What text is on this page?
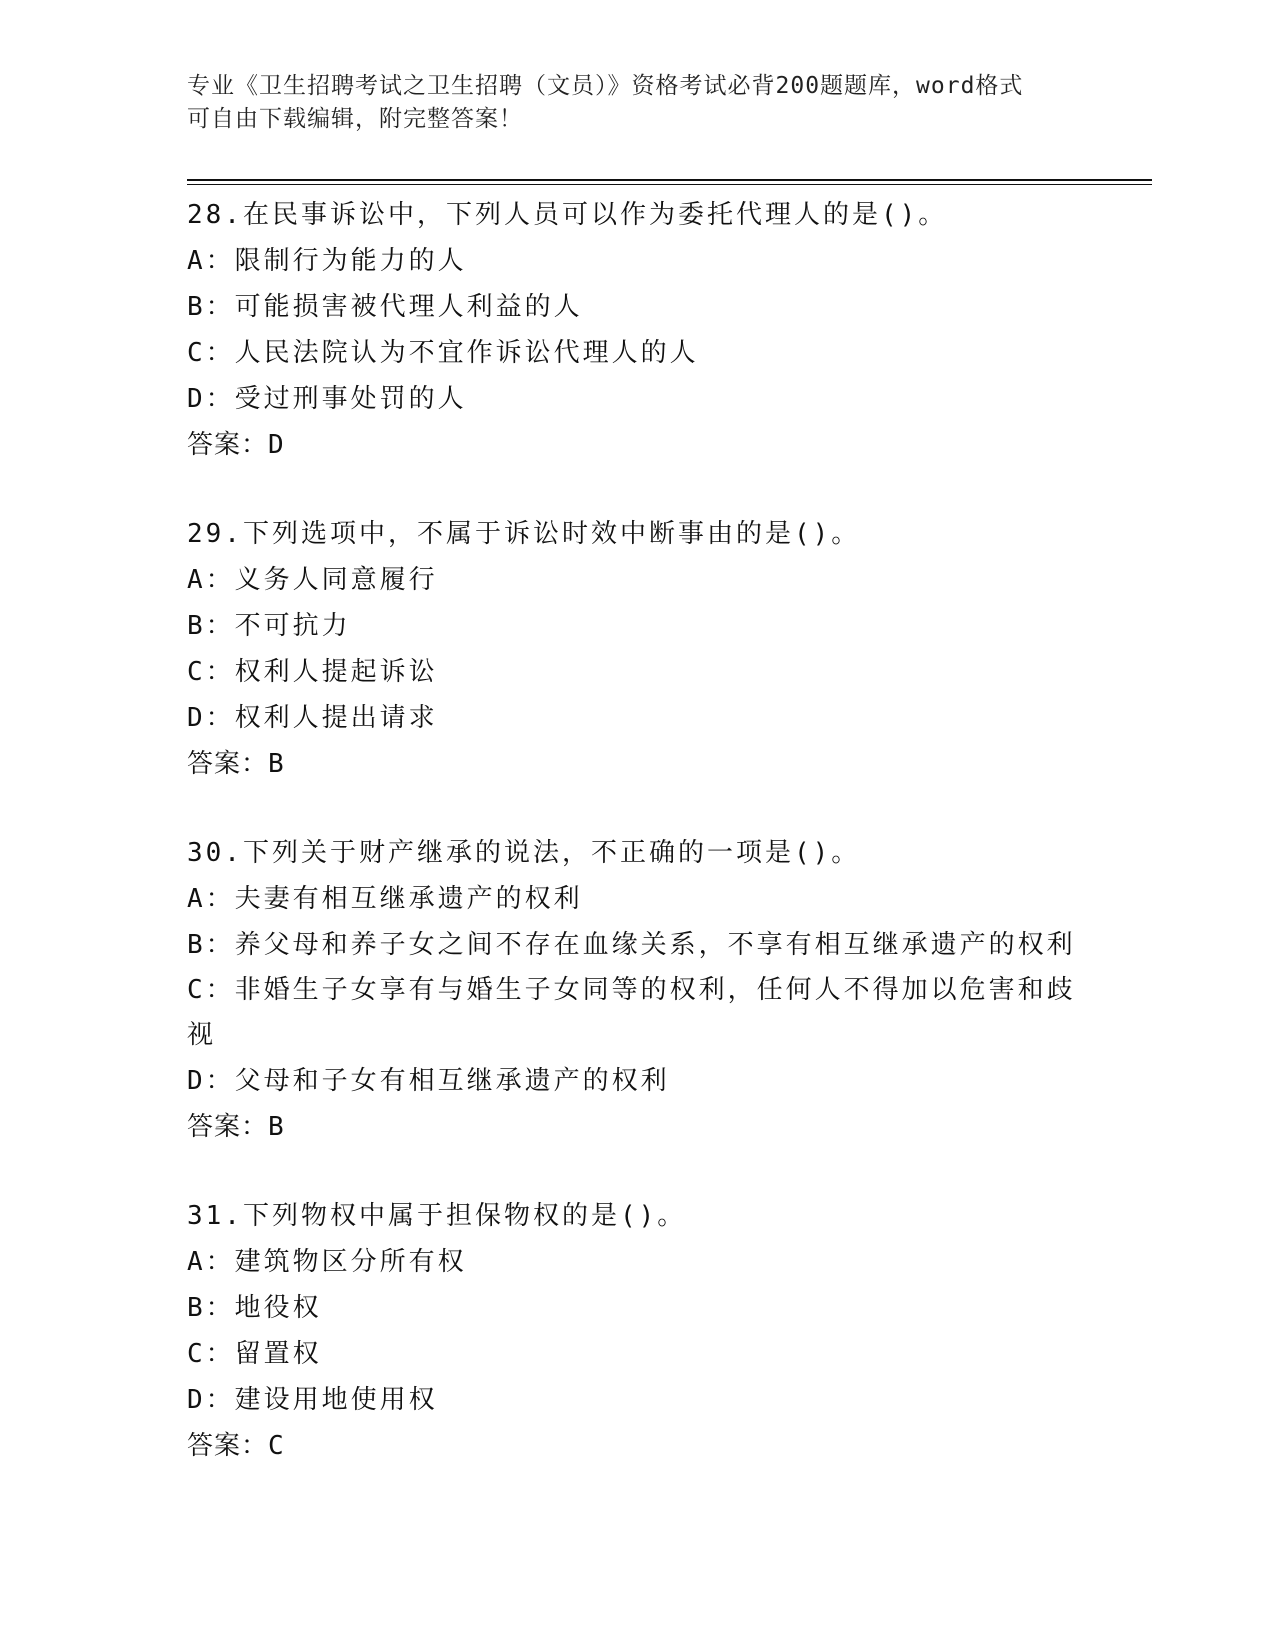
专业《卫生招聘考试之卫生招聘（文员）》资格考试必背200题题库，word格式
可自由下载编辑，附完整答案！
28.在民事诉讼中，下列人员可以作为委托代理人的是()。
A：限制行为能力的人
B：可能损害被代理人利益的人
C：人民法院认为不宜作诉讼代理人的人
D：受过刑事处罚的人
答案：D
29.下列选项中，不属于诉讼时效中断事由的是()。
A：义务人同意履行
B：不可抗力
C：权利人提起诉讼
D：权利人提出请求
答案：B
30.下列关于财产继承的说法，不正确的一项是()。
A：夫妻有相互继承遗产的权利
B：养父母和养子女之间不存在血缘关系，不享有相互继承遗产的权利
C：非婚生子女享有与婚生子女同等的权利，任何人不得加以危害和歧视
D：父母和子女有相互继承遗产的权利
答案：B
31.下列物权中属于担保物权的是()。
A：建筑物区分所有权
B：地役权
C：留置权
D：建设用地使用权
答案：C
